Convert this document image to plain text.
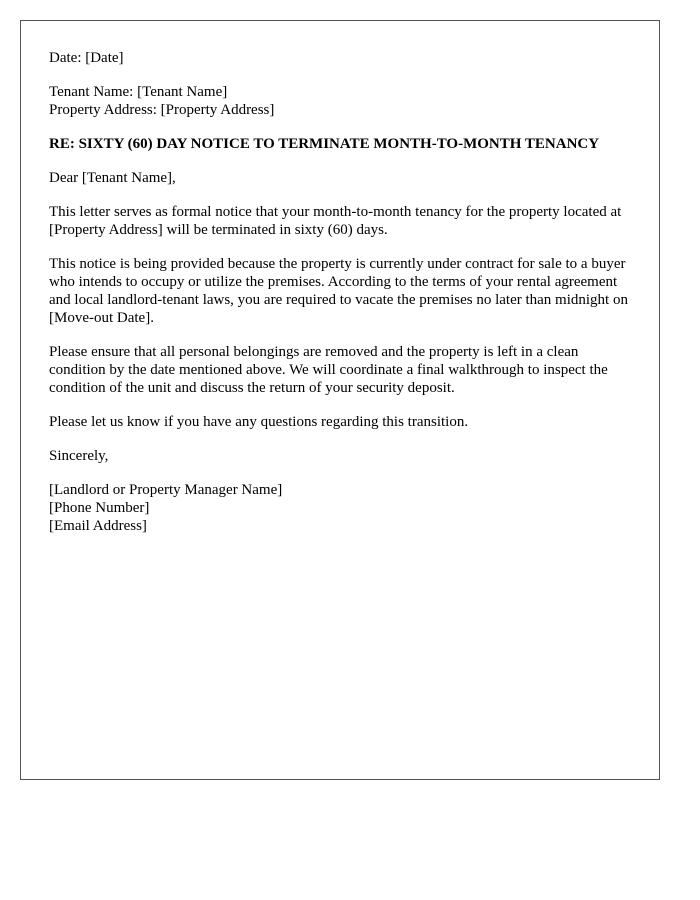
Date: [Date]

Tenant Name: [Tenant Name]
Property Address: [Property Address]

RE: SIXTY (60) DAY NOTICE TO TERMINATE MONTH-TO-MONTH TENANCY

Dear [Tenant Name],

This letter serves as formal notice that your month-to-month tenancy for the property located at [Property Address] will be terminated in sixty (60) days.

This notice is being provided because the property is currently under contract for sale to a buyer who intends to occupy or utilize the premises. According to the terms of your rental agreement and local landlord-tenant laws, you are required to vacate the premises no later than midnight on [Move-out Date].

Please ensure that all personal belongings are removed and the property is left in a clean condition by the date mentioned above. We will coordinate a final walkthrough to inspect the condition of the unit and discuss the return of your security deposit.

Please let us know if you have any questions regarding this transition.

Sincerely,

[Landlord or Property Manager Name]
[Phone Number]
[Email Address]
